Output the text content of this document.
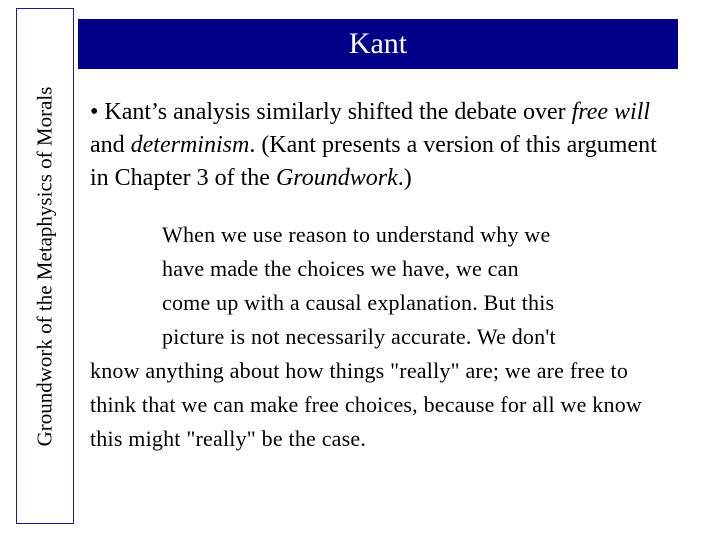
Groundwork of the Metaphysics of Morals
Kant
• Kant’s analysis similarly shifted the debate over free will and determinism. (Kant presents a version of this argument in Chapter 3 of the Groundwork.)
When we use reason to understand why we
have made the choices we have, we can
come up with a causal explanation. But this
picture is not necessarily accurate. We don't
know anything about how things "really" are; we are free to think that we can make free choices, because for all we know this might "really" be the case.
